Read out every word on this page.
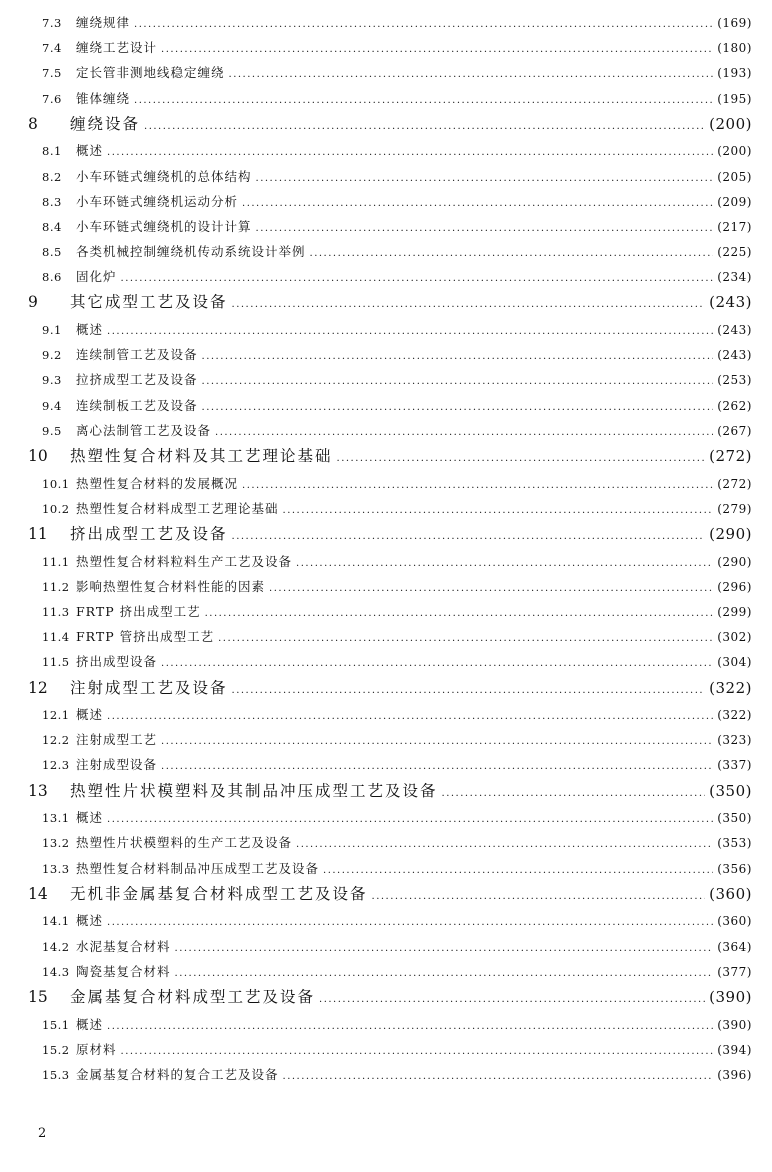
7.3	缠绕规律 .....	(169)
7.4	缠绕工艺设计 .....	(180)
7.5	定长管非测地线稳定缠绕 .....	(193)
7.6	锥体缠绕 .....	(195)
8	缠绕设备 .....	(200)
8.1	概述 .....	(200)
8.2	小车环链式缠绕机的总体结构 .....	(205)
8.3	小车环链式缠绕机运动分析 .....	(209)
8.4	小车环链式缠绕机的设计计算 .....	(217)
8.5	各类机械控制缠绕机传动系统设计举例 .....	(225)
8.6	固化炉 .....	(234)
9	其它成型工艺及设备 .....	(243)
9.1	概述 .....	(243)
9.2	连续制管工艺及设备 .....	(243)
9.3	拉挤成型工艺及设备 .....	(253)
9.4	连续制板工艺及设备 .....	(262)
9.5	离心法制管工艺及设备 .....	(267)
10	热塑性复合材料及其工艺理论基础 .....	(272)
10.1 热塑性复合材料的发展概况 .....	(272)
10.2 热塑性复合材料成型工艺理论基础 .....	(279)
11	挤出成型工艺及设备 .....	(290)
11.1 热塑性复合材料粒料生产工艺及设备 .....	(290)
11.2 影响热塑性复合材料性能的因素 .....	(296)
11.3 FRTP 挤出成型工艺 .....	(299)
11.4 FRTP 管挤出成型工艺 .....	(302)
11.5 挤出成型设备 .....	(304)
12	注射成型工艺及设备 .....	(322)
12.1 概述 .....	(322)
12.2 注射成型工艺 .....	(323)
12.3 注射成型设备 .....	(337)
13	热塑性片状模塑料及其制品冲压成型工艺及设备 .....	(350)
13.1 概述 .....	(350)
13.2 热塑性片状模塑料的生产工艺及设备 .....	(353)
13.3 热塑性复合材料制品冲压成型工艺及设备 .....	(356)
14	无机非金属基复合材料成型工艺及设备 .....	(360)
14.1 概述 .....	(360)
14.2 水泥基复合材料 .....	(364)
14.3 陶瓷基复合材料 .....	(377)
15	金属基复合材料成型工艺及设备 .....	(390)
15.1 概述 .....	(390)
15.2 原材料 .....	(394)
15.3 金属基复合材料的复合工艺及设备 .....	(396)
2
